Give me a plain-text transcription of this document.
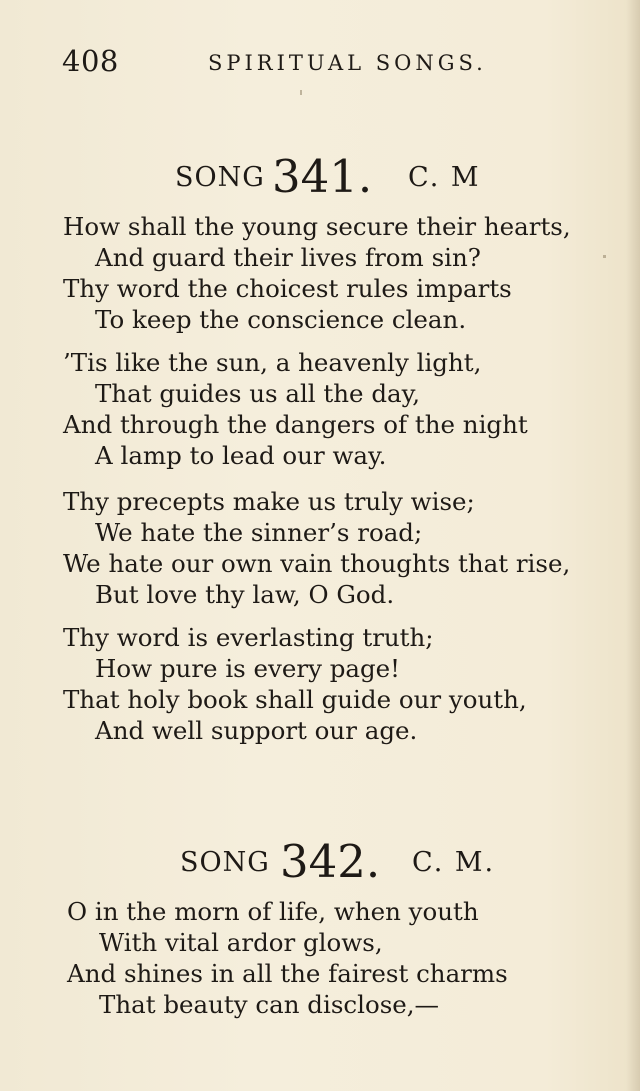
408	SPIRITUAL SONGS.
SONG 341. C. M
How shall the young secure their hearts,
And guard their lives from sin?
Thy word the choicest rules imparts
To keep the conscience clean.
’Tis like the sun, a heavenly light,
That guides us all the day,
And through the dangers of the night
A lamp to lead our way.
Thy precepts make us truly wise;
We hate the sinner’s road;
We hate our own vain thoughts that rise,
But love thy law, O God.
Thy word is everlasting truth;
How pure is every page!
That holy book shall guide our youth,
And well support our age.
SONG 342. C. M.
O in the morn of life, when youth
With vital ardor glows,
And shines in all the fairest charms
That beauty can disclose,—
